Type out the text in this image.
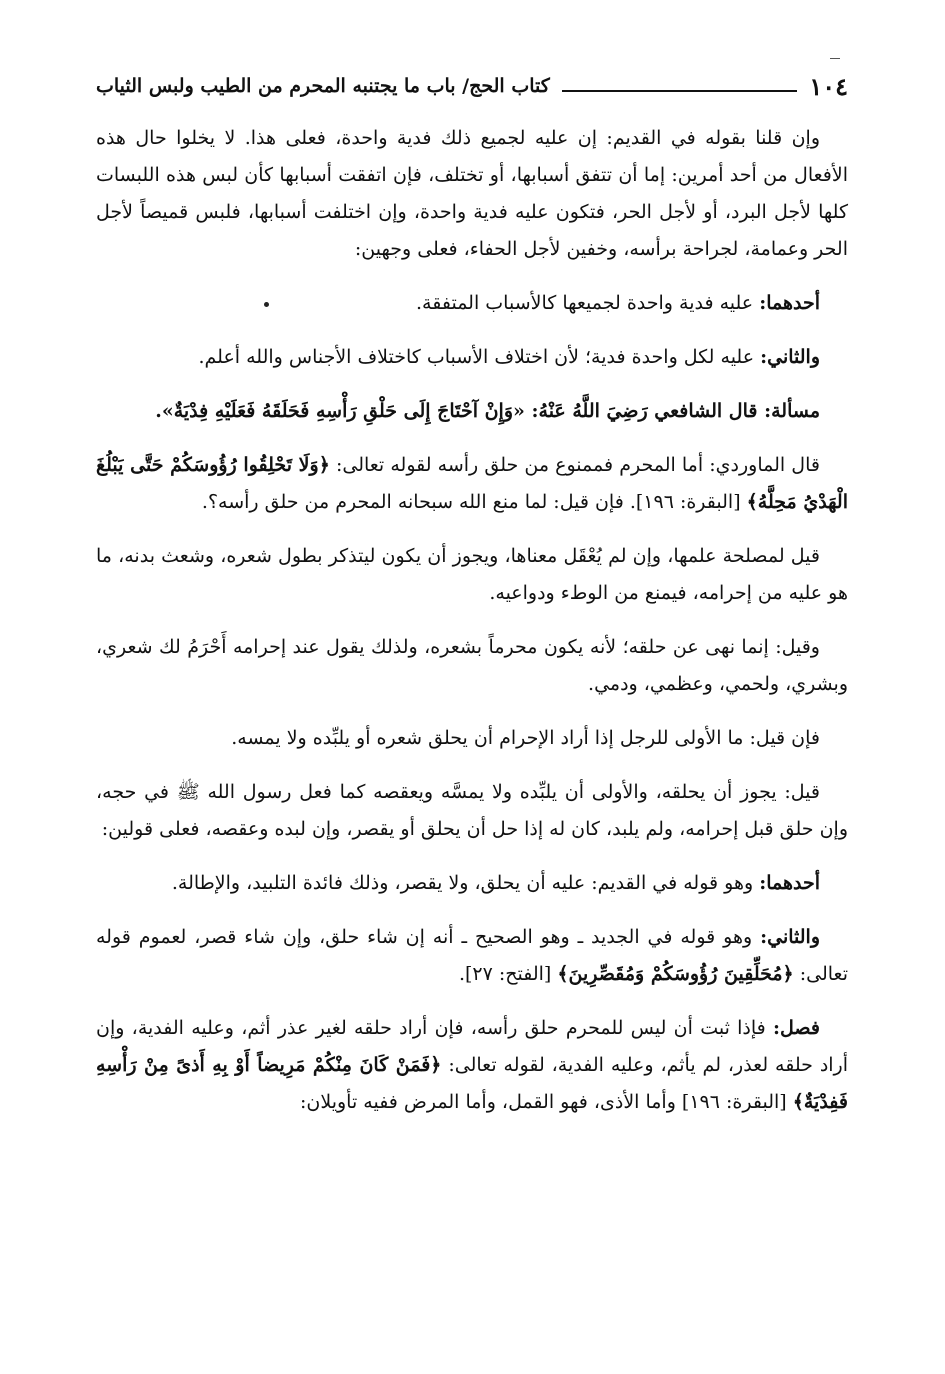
١٠٤
كتاب الحج/ باب ما يجتنبه المحرم من الطيب ولبس الثياب

وإن قلنا بقوله في القديم: إن عليه لجميع ذلك فدية واحدة، فعلى هذا. لا يخلوا حال هذه الأفعال من أحد أمرين: إما أن تتفق أسبابها، أو تختلف، فإن اتفقت أسبابها كأن لبس هذه اللبسات كلها لأجل البرد، أو لأجل الحر، فتكون عليه فدية واحدة، وإن اختلفت أسبابها، فلبس قميصاً لأجل الحر وعمامة، لجراحة برأسه، وخفين لأجل الحفاء، فعلى وجهين:

أحدهما: عليه فدية واحدة لجميعها كالأسباب المتفقة.

والثاني: عليه لكل واحدة فدية؛ لأن اختلاف الأسباب كاختلاف الأجناس والله أعلم.

مسألة: قال الشافعي رَضِيَ اللَّهُ عَنْهُ: «وَإِنْ آحْتَاجَ إِلَى حَلْقِ رَأْسِهِ فَحَلَقَهُ فَعَلَيْهِ فِدْيَةٌ».

قال الماوردي: أما المحرم فممنوع من حلق رأسه لقوله تعالى: ﴿وَلَا تَحْلِقُوا رُؤُوسَكُمْ حَتَّى يَبْلُغَ الْهَدْيُ مَحِلَّهُ﴾ [البقرة: ١٩٦]. فإن قيل: لما منع الله سبحانه المحرم من حلق رأسه؟.

قيل لمصلحة علمها، وإن لم يُعْقَل معناها، ويجوز أن يكون ليتذكر بطول شعره، وشعث بدنه، ما هو عليه من إحرامه، فيمنع من الوطء ودواعيه.

وقيل: إنما نهى عن حلقه؛ لأنه يكون محرماً بشعره، ولذلك يقول عند إحرامه أَحْرَمُ لك شعري، وبشري، ولحمي، وعظمي، ودمي.

فإن قيل: ما الأولى للرجل إذا أراد الإحرام أن يحلق شعره أو يلبِّده ولا يمسه.

قيل: يجوز أن يحلقه، والأولى أن يلبِّده ولا يمسَّه ويعقصه كما فعل رسول الله ﷺ في حجه، وإن حلق قبل إحرامه، ولم يلبد، كان له إذا حل أن يحلق أو يقصر، وإن لبده وعقصه، فعلى قولين:

أحدهما: وهو قوله في القديم: عليه أن يحلق، ولا يقصر، وذلك فائدة التلبيد، والإطالة.

والثاني: وهو قوله في الجديد ـ وهو الصحيح ـ أنه إن شاء حلق، وإن شاء قصر، لعموم قوله تعالى: ﴿مُحَلِّقِينَ رُؤُوسَكُمْ وَمُقَصِّرِينَ﴾ [الفتح: ٢٧].

فصل: فإذا ثبت أن ليس للمحرم حلق رأسه، فإن أراد حلقه لغير عذر أثم، وعليه الفدية، وإن أراد حلقه لعذر، لم يأثم، وعليه الفدية، لقوله تعالى: ﴿فَمَنْ كَانَ مِنْكُمْ مَرِيضاً أَوْ بِهِ أَذىً مِنْ رَأْسِهِ فَفِدْيَةٌ﴾ [البقرة: ١٩٦] وأما الأذى، فهو القمل، وأما المرض ففيه تأويلان:
